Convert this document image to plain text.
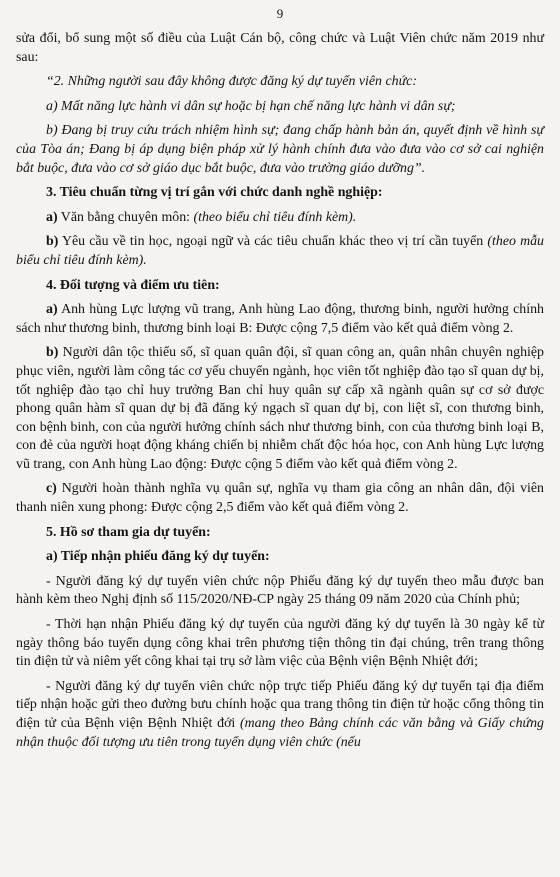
9

sửa đổi, bổ sung một số điều của Luật Cán bộ, công chức và Luật Viên chức năm 2019 như sau:

“2. Những người sau đây không được đăng ký dự tuyển viên chức:

a) Mất năng lực hành vi dân sự hoặc bị hạn chế năng lực hành vi dân sự;

b) Đang bị truy cứu trách nhiệm hình sự; đang chấp hành bản án, quyết định về hình sự của Tòa án; Đang bị áp dụng biện pháp xử lý hành chính đưa vào đưa vào cơ sở cai nghiện bắt buộc, đưa vào cơ sở giáo dục bắt buộc, đưa vào trường giáo dưỡng”.

3. Tiêu chuẩn từng vị trí gắn với chức danh nghề nghiệp:

a) Văn bằng chuyên môn: (theo biểu chỉ tiêu đính kèm).

b) Yêu cầu về tin học, ngoại ngữ và các tiêu chuẩn khác theo vị trí cần tuyển (theo mẫu biểu chỉ tiêu đính kèm).

4. Đối tượng và điểm ưu tiên:

a) Anh hùng Lực lượng vũ trang, Anh hùng Lao động, thương binh, người hưởng chính sách như thương binh, thương binh loại B: Được cộng 7,5 điểm vào kết quả điểm vòng 2.

b) Người dân tộc thiểu số, sĩ quan quân đội, sĩ quan công an, quân nhân chuyên nghiệp phục viên, người làm công tác cơ yếu chuyển ngành, học viên tốt nghiệp đào tạo sĩ quan dự bị, tốt nghiệp đào tạo chỉ huy trưởng Ban chỉ huy quân sự cấp xã ngành quân sự cơ sở được phong quân hàm sĩ quan dự bị đã đăng ký ngạch sĩ quan dự bị, con liệt sĩ, con thương binh, con bệnh binh, con của người hưởng chính sách như thương binh, con của thương binh loại B, con đẻ của người hoạt động kháng chiến bị nhiễm chất độc hóa học, con Anh hùng Lực lượng vũ trang, con Anh hùng Lao động: Được cộng 5 điểm vào kết quả điểm vòng 2.

c) Người hoàn thành nghĩa vụ quân sự, nghĩa vụ tham gia công an nhân dân, đội viên thanh niên xung phong: Được cộng 2,5 điểm vào kết quả điểm vòng 2.

5. Hồ sơ tham gia dự tuyển:

a) Tiếp nhận phiếu đăng ký dự tuyển:

- Người đăng ký dự tuyển viên chức nộp Phiếu đăng ký dự tuyển theo mẫu được ban hành kèm theo Nghị định số 115/2020/NĐ-CP ngày 25 tháng 09 năm 2020 của Chính phủ;

- Thời hạn nhận Phiếu đăng ký dự tuyển của người đăng ký dự tuyển là 30 ngày kể từ ngày thông báo tuyển dụng công khai trên phương tiện thông tin đại chúng, trên trang thông tin điện tử và niêm yết công khai tại trụ sở làm việc của Bệnh viện Bệnh Nhiệt đới;

- Người đăng ký dự tuyển viên chức nộp trực tiếp Phiếu đăng ký dự tuyển tại địa điểm tiếp nhận hoặc gửi theo đường bưu chính hoặc qua trang thông tin điện tử hoặc cổng thông tin điện tử của Bệnh viện Bệnh Nhiệt đới (mang theo Bảng chính các văn bằng và Giấy chứng nhận thuộc đối tượng ưu tiên trong tuyển dụng viên chức (nếu
